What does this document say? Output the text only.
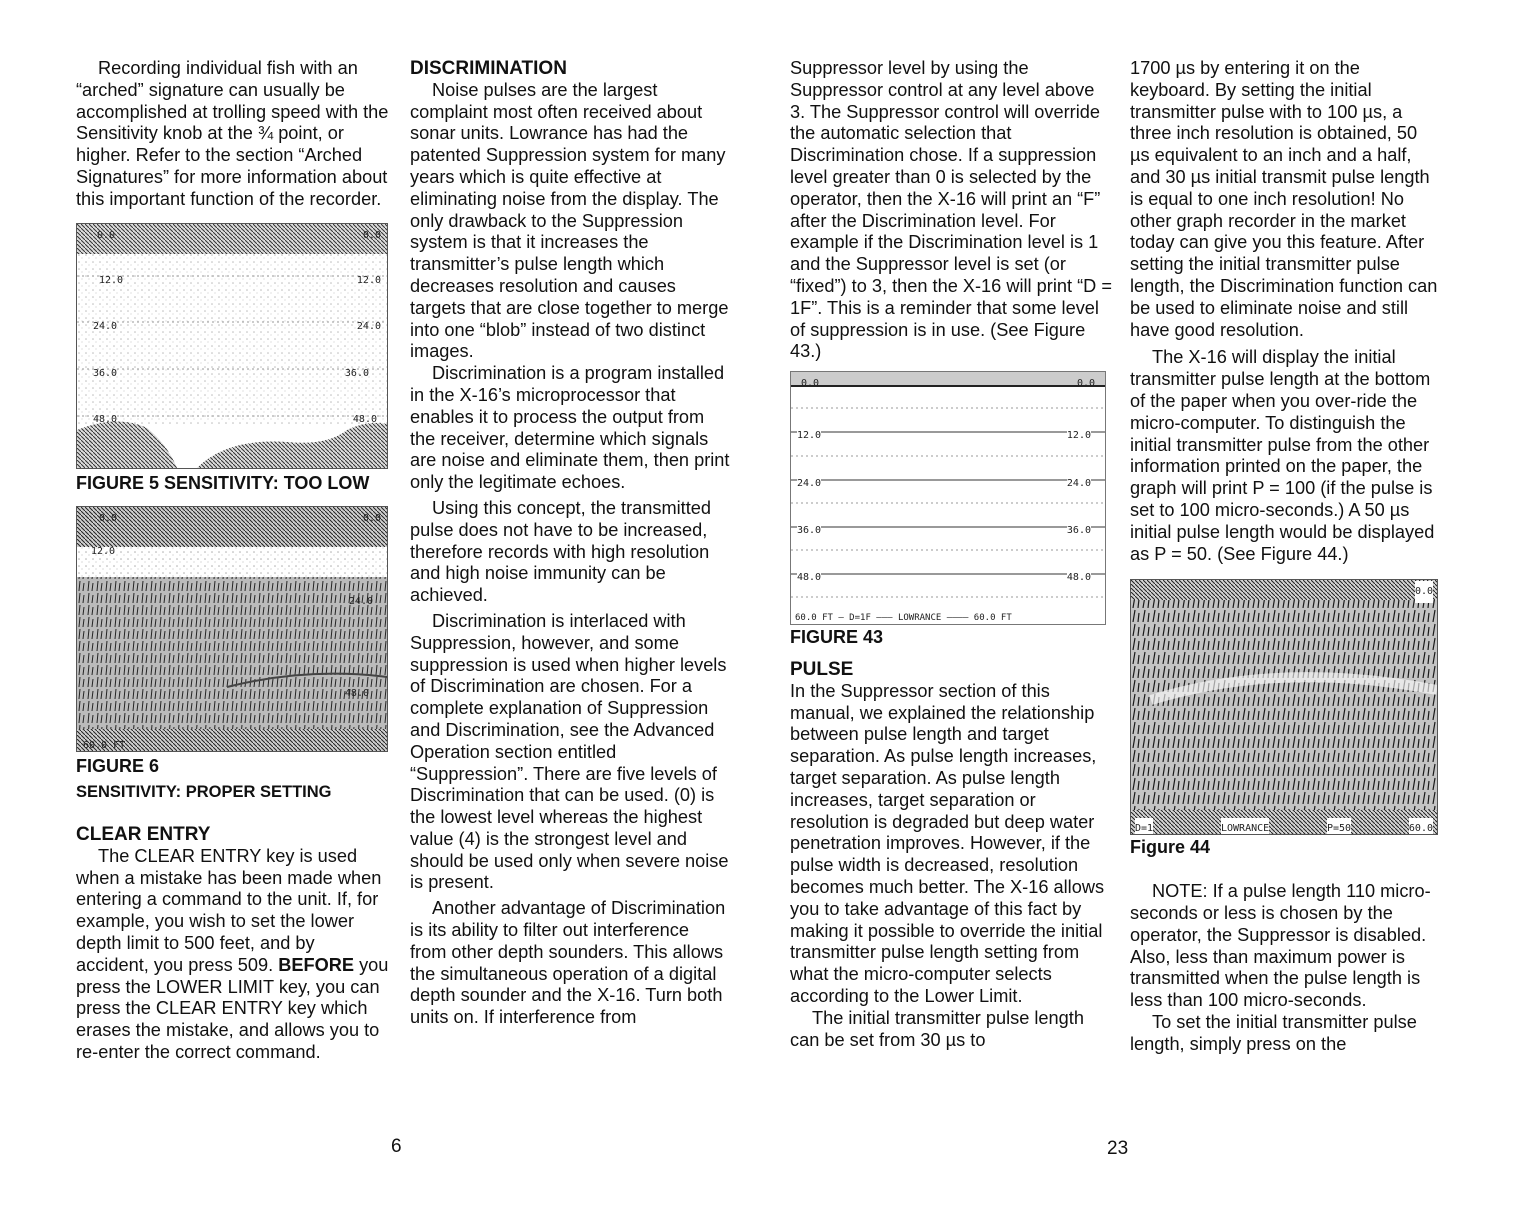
Recording individual fish with an “arched” signature can usually be accomplished at trolling speed with the Sensitivity knob at the ¾ point, or higher. Refer to the section “Arched Signatures” for more information about this important function of the recorder.

0.0
12.0
24.0
36.0
48.0
0.0
12.0
24.0
36.0
48.0

FIGURE 5 SENSITIVITY: TOO LOW

0.0
12.0
24.0
48.0
0.0
60.0 FT

FIGURE 6

SENSITIVITY: PROPER SETTING

CLEAR ENTRY

The CLEAR ENTRY key is used when a mistake has been made when entering a command to the unit. If, for example, you wish to set the lower depth limit to 500 feet, and by accident, you press 509. BEFORE you press the LOWER LIMIT key, you can press the CLEAR ENTRY key which erases the mistake, and allows you to re-enter the correct command.

DISCRIMINATION

Noise pulses are the largest complaint most often received about sonar units. Lowrance has had the patented Suppression system for many years which is quite effective at eliminating noise from the display. The only drawback to the Suppression system is that it increases the transmitter’s pulse length which decreases resolution and causes targets that are close together to merge into one “blob” instead of two distinct images.

Discrimination is a program installed in the X-16’s microprocessor that enables it to process the output from the receiver, determine which signals are noise and eliminate them, then print only the legitimate echoes.

Using this concept, the transmitted pulse does not have to be increased, therefore records with high resolution and high noise immunity can be achieved.

Discrimination is interlaced with Suppression, however, and some suppression is used when higher levels of Discrimination are chosen. For a complete explanation of Suppression and Discrimination, see the Advanced Operation section entitled “Suppression”. There are five levels of Discrimination that can be used. (0) is the lowest level whereas the highest value (4) is the strongest level and should be used only when severe noise is present.

Another advantage of Discrimination is its ability to filter out interference from other depth sounders. This allows the simultaneous operation of a digital depth sounder and the X-16. Turn both units on. If interference from

6

Suppressor level by using the Suppressor control at any level above 3. The Suppressor control will override the automatic selection that Discrimination chose. If a suppression level greater than 0 is selected by the operator, then the X-16 will print an “F” after the Discrimination level. For example if the Discrimination level is 1 and the Suppressor level is set (or “fixed”) to 3, then the X-16 will print “D = 1F”. This is a reminder that some level of suppression is in use. (See Figure 43.)

0.0	0.0
12.0	12.0
24.0	24.0
36.0	36.0
48.0	48.0
60.0 FT — D=1F ——— LOWRANCE ———— 60.0 FT

FIGURE 43

PULSE

In the Suppressor section of this manual, we explained the relationship between pulse length and target separation. As pulse length increases, target separation. As pulse length increases, target separation or resolution is degraded but deep water penetration improves. However, if the pulse width is decreased, resolution becomes much better. The X-16 allows you to take advantage of this fact by making it possible to override the initial transmitter pulse length setting from what the micro-computer selects according to the Lower Limit.

The initial transmitter pulse length can be set from 30 µs to

1700 µs by entering it on the keyboard. By setting the initial transmitter pulse with to 100 µs, a three inch resolution is obtained, 50 µs equivalent to an inch and a half, and 30 µs initial transmit pulse length is equal to one inch resolution! No other graph recorder in the market today can give you this feature. After setting the initial transmitter pulse length, the Discrimination function can be used to eliminate noise and still have good resolution.

The X-16 will display the initial transmitter pulse length at the bottom of the paper when you over-ride the micro-computer. To distinguish the initial transmitter pulse from the other information printed on the paper, the graph will print P = 100 (if the pulse is set to 100 micro-seconds.) A 50 µs initial pulse length would be displayed as P = 50. (See Figure 44.)

0.0
D=1	LOWRANCE	P=50	60.0

Figure 44

NOTE: If a pulse length 110 micro-seconds or less is chosen by the operator, the Suppressor is disabled. Also, less than maximum power is transmitted when the pulse length is less than 100 micro-seconds.

To set the initial transmitter pulse length, simply press on the

23
